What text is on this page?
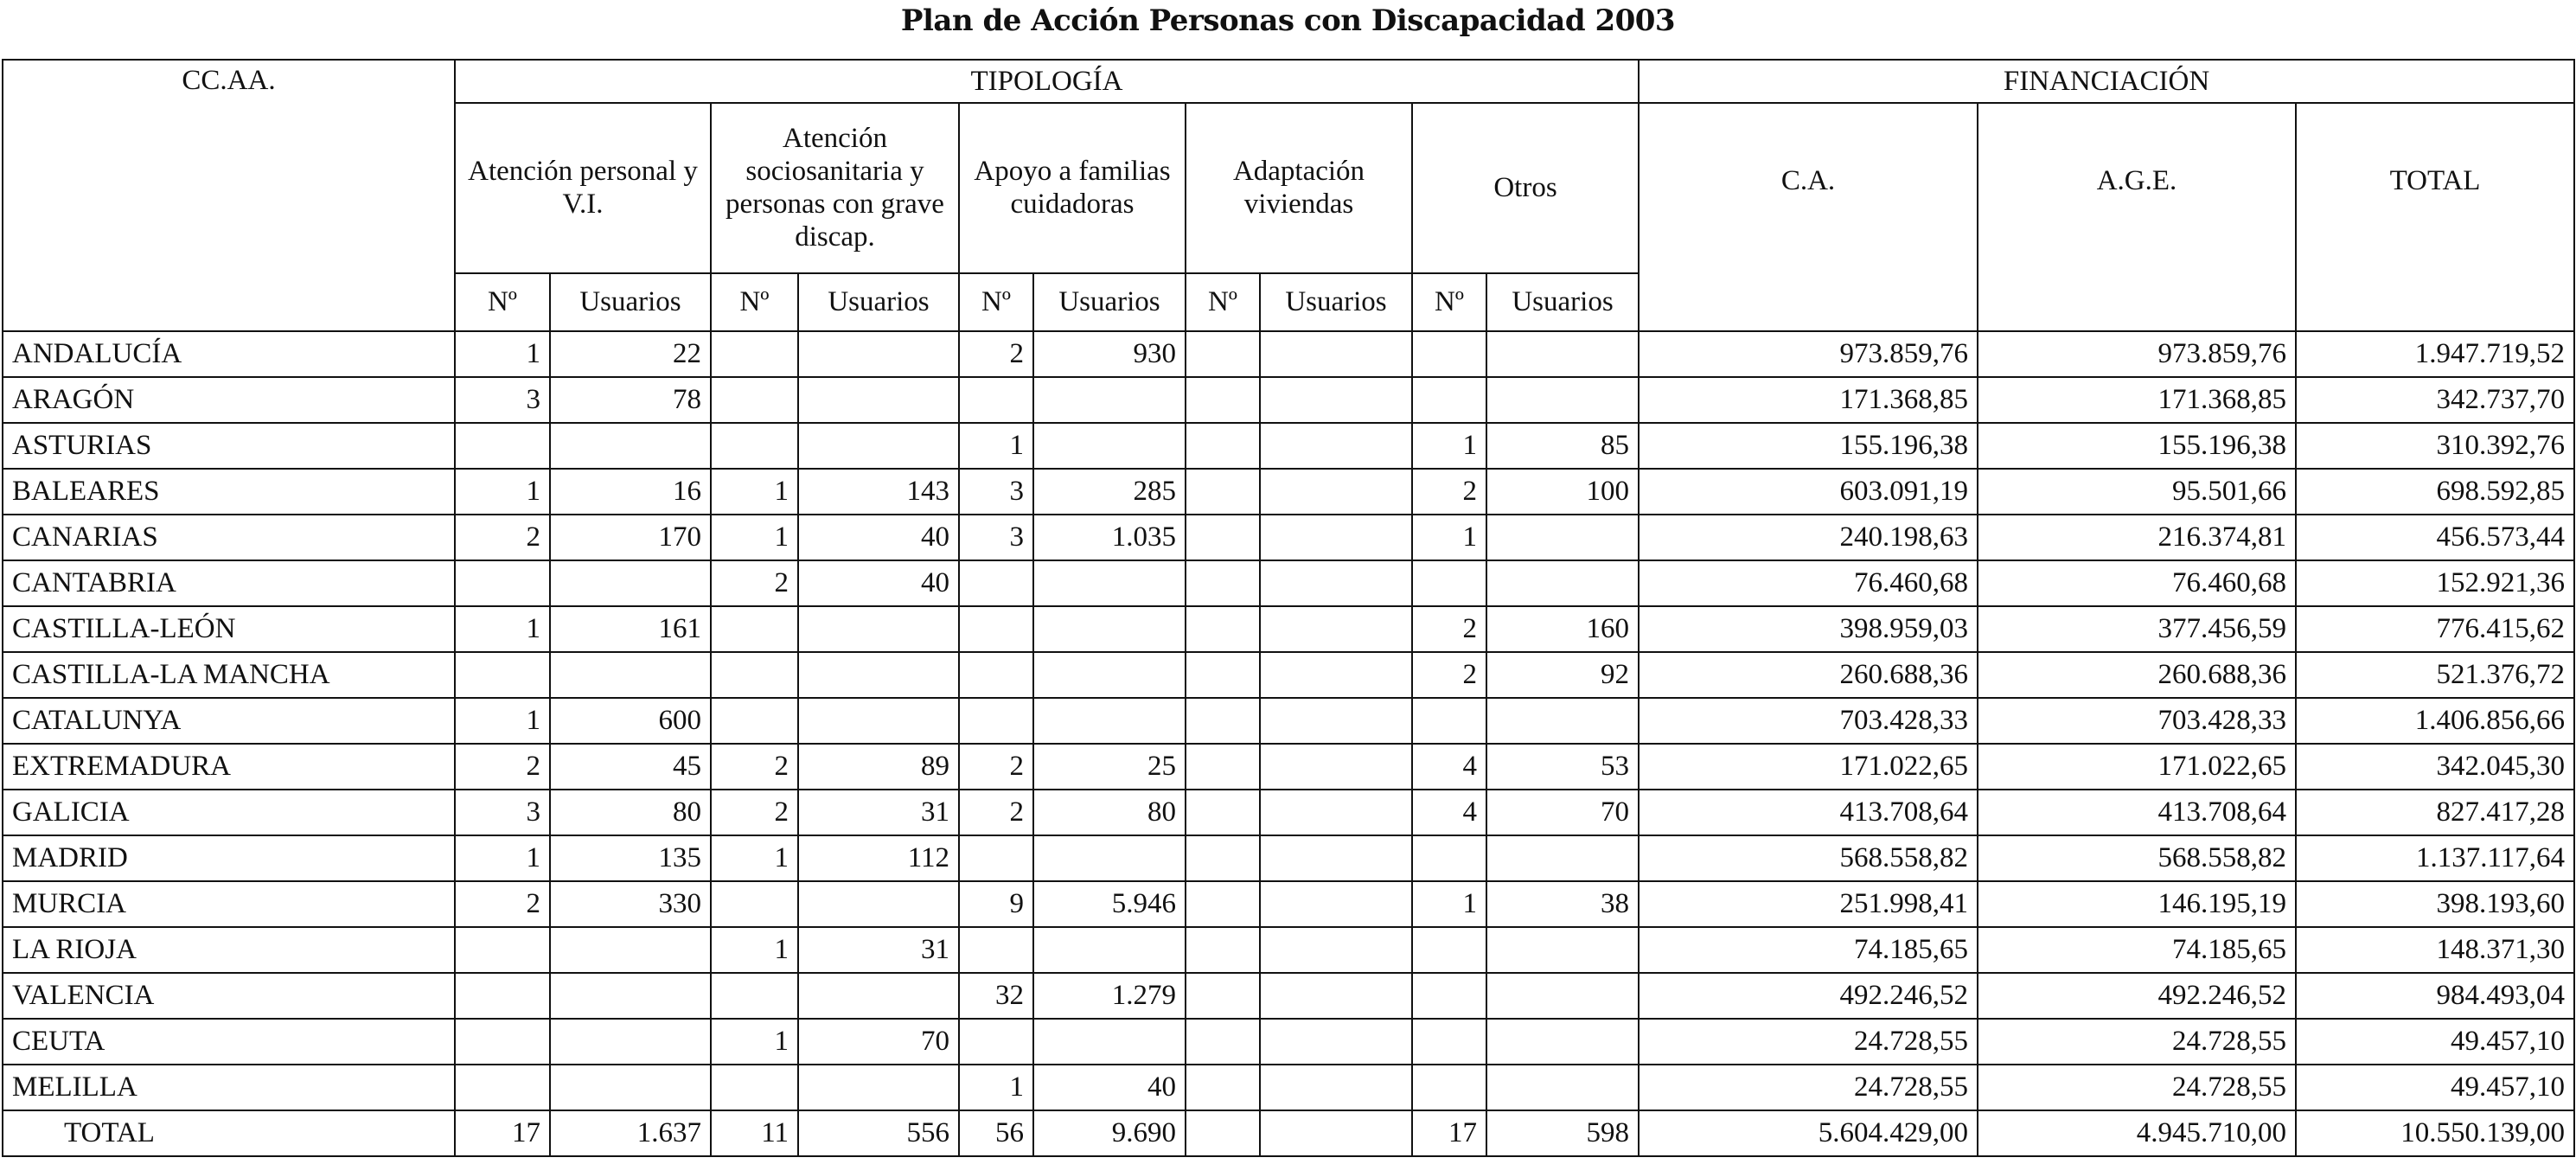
Plan de Acción Personas con Discapacidad 2003
CC.AA.	TIPOLOGÍA										FINANCIACIÓN		
	Atención personal y V.I.		Atención sociosanitaria y personas con grave discap.		Apoyo a familias cuidadoras		Adaptación viviendas		Otros		C.A.	A.G.E.	TOTAL
	Nº	Usuarios	Nº	Usuarios	Nº	Usuarios	Nº	Usuarios	Nº	Usuarios			
ANDALUCÍA	1	22			2	930					973.859,76	973.859,76	1.947.719,52
ARAGÓN	3	78									171.368,85	171.368,85	342.737,70
ASTURIAS					1				1	85	155.196,38	155.196,38	310.392,76
BALEARES	1	16	1	143	3	285			2	100	603.091,19	95.501,66	698.592,85
CANARIAS	2	170	1	40	3	1.035			1		240.198,63	216.374,81	456.573,44
CANTABRIA			2	40							76.460,68	76.460,68	152.921,36
CASTILLA-LEÓN	1	161							2	160	398.959,03	377.456,59	776.415,62
CASTILLA-LA MANCHA									2	92	260.688,36	260.688,36	521.376,72
CATALUNYA	1	600									703.428,33	703.428,33	1.406.856,66
EXTREMADURA	2	45	2	89	2	25			4	53	171.022,65	171.022,65	342.045,30
GALICIA	3	80	2	31	2	80			4	70	413.708,64	413.708,64	827.417,28
MADRID	1	135	1	112							568.558,82	568.558,82	1.137.117,64
MURCIA	2	330			9	5.946			1	38	251.998,41	146.195,19	398.193,60
LA RIOJA			1	31							74.185,65	74.185,65	148.371,30
VALENCIA					32	1.279					492.246,52	492.246,52	984.493,04
CEUTA			1	70							24.728,55	24.728,55	49.457,10
MELILLA					1	40					24.728,55	24.728,55	49.457,10
TOTAL	17	1.637	11	556	56	9.690			17	598	5.604.429,00	4.945.710,00	10.550.139,00
